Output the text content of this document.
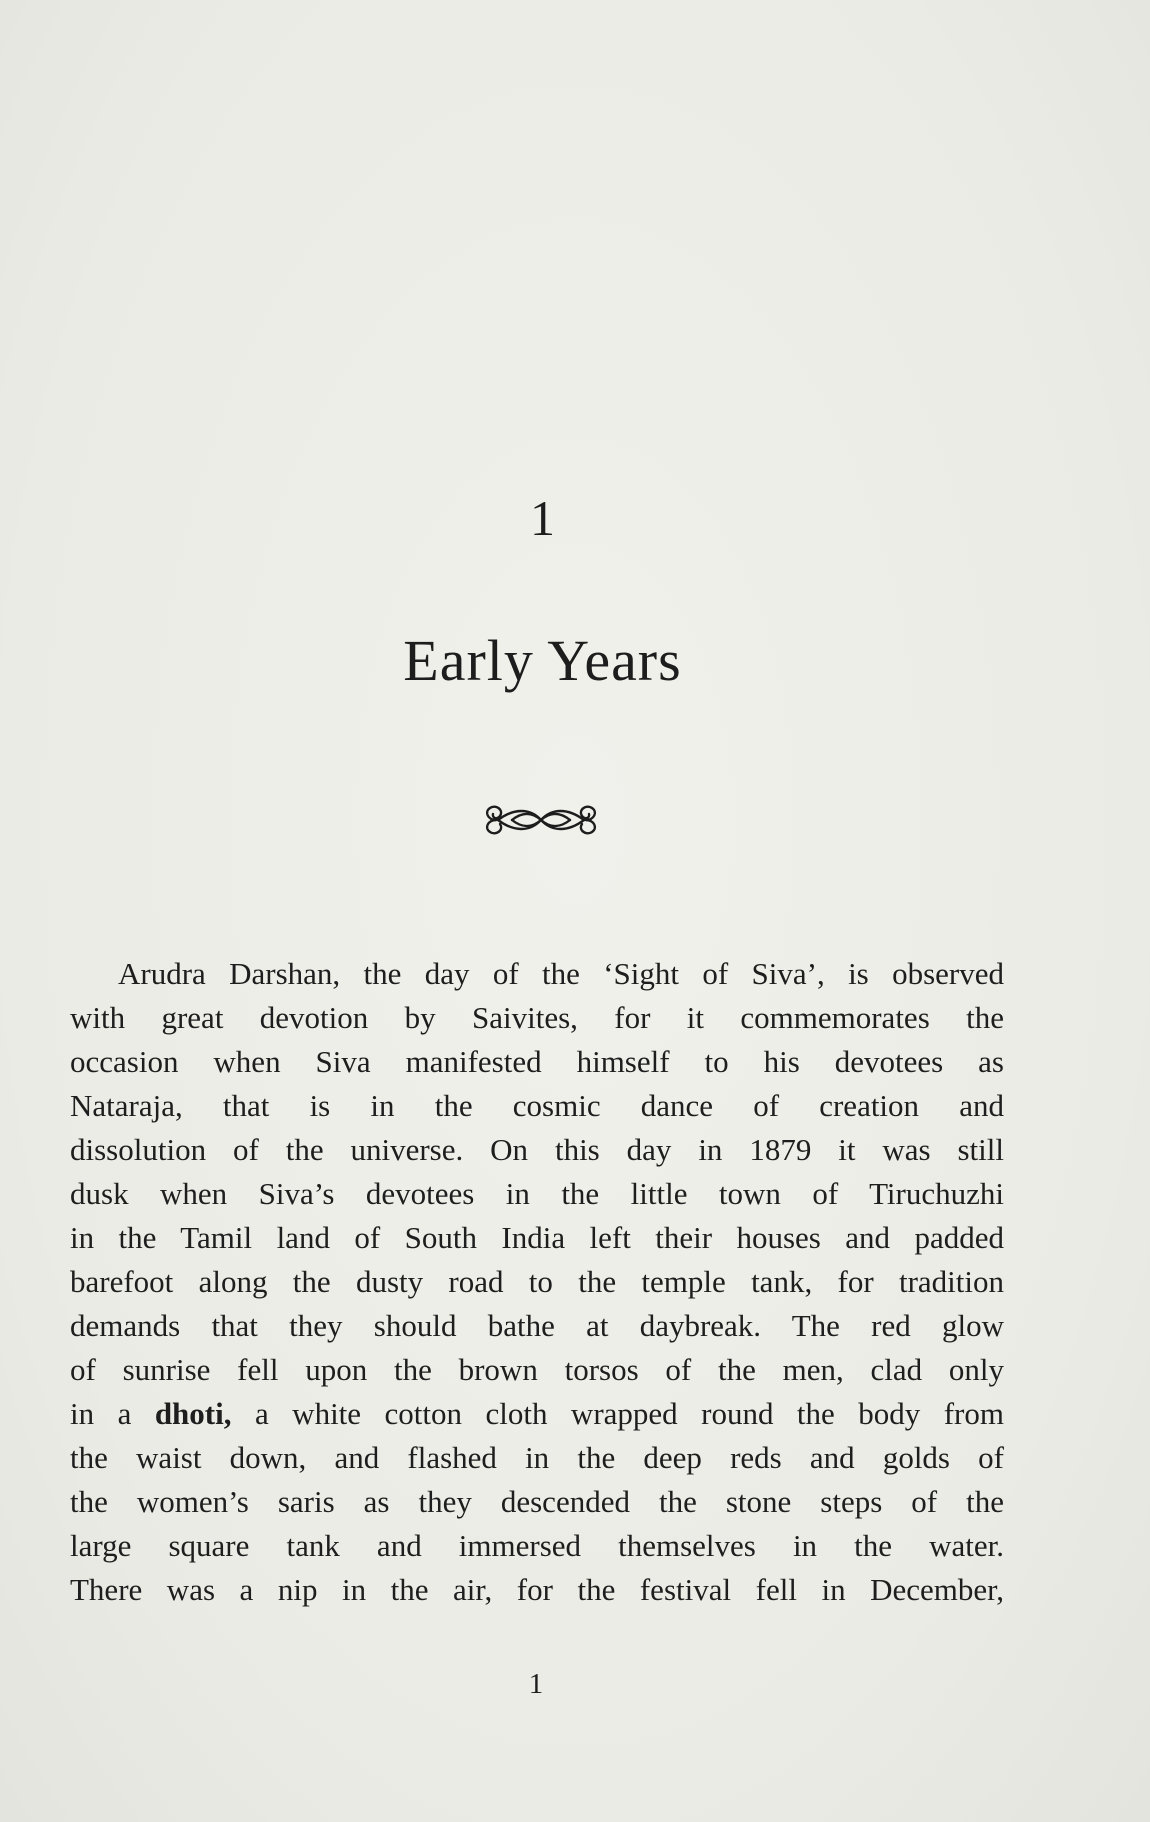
1
Early Years
Arudra Darshan, the day of the ‘Sight of Siva’, is observed
with great devotion by Saivites, for it commemorates the
occasion when Siva manifested himself to his devotees as
Nataraja, that is in the cosmic dance of creation and
dissolution of the universe. On this day in 1879 it was still
dusk when Siva’s devotees in the little town of Tiruchuzhi
in the Tamil land of South India left their houses and padded
barefoot along the dusty road to the temple tank, for tradition
demands that they should bathe at daybreak. The red glow
of sunrise fell upon the brown torsos of the men, clad only
in a dhoti, a white cotton cloth wrapped round the body from
the waist down, and flashed in the deep reds and golds of
the women’s saris as they descended the stone steps of the
large square tank and immersed themselves in the water.
There was a nip in the air, for the festival fell in December,
1
